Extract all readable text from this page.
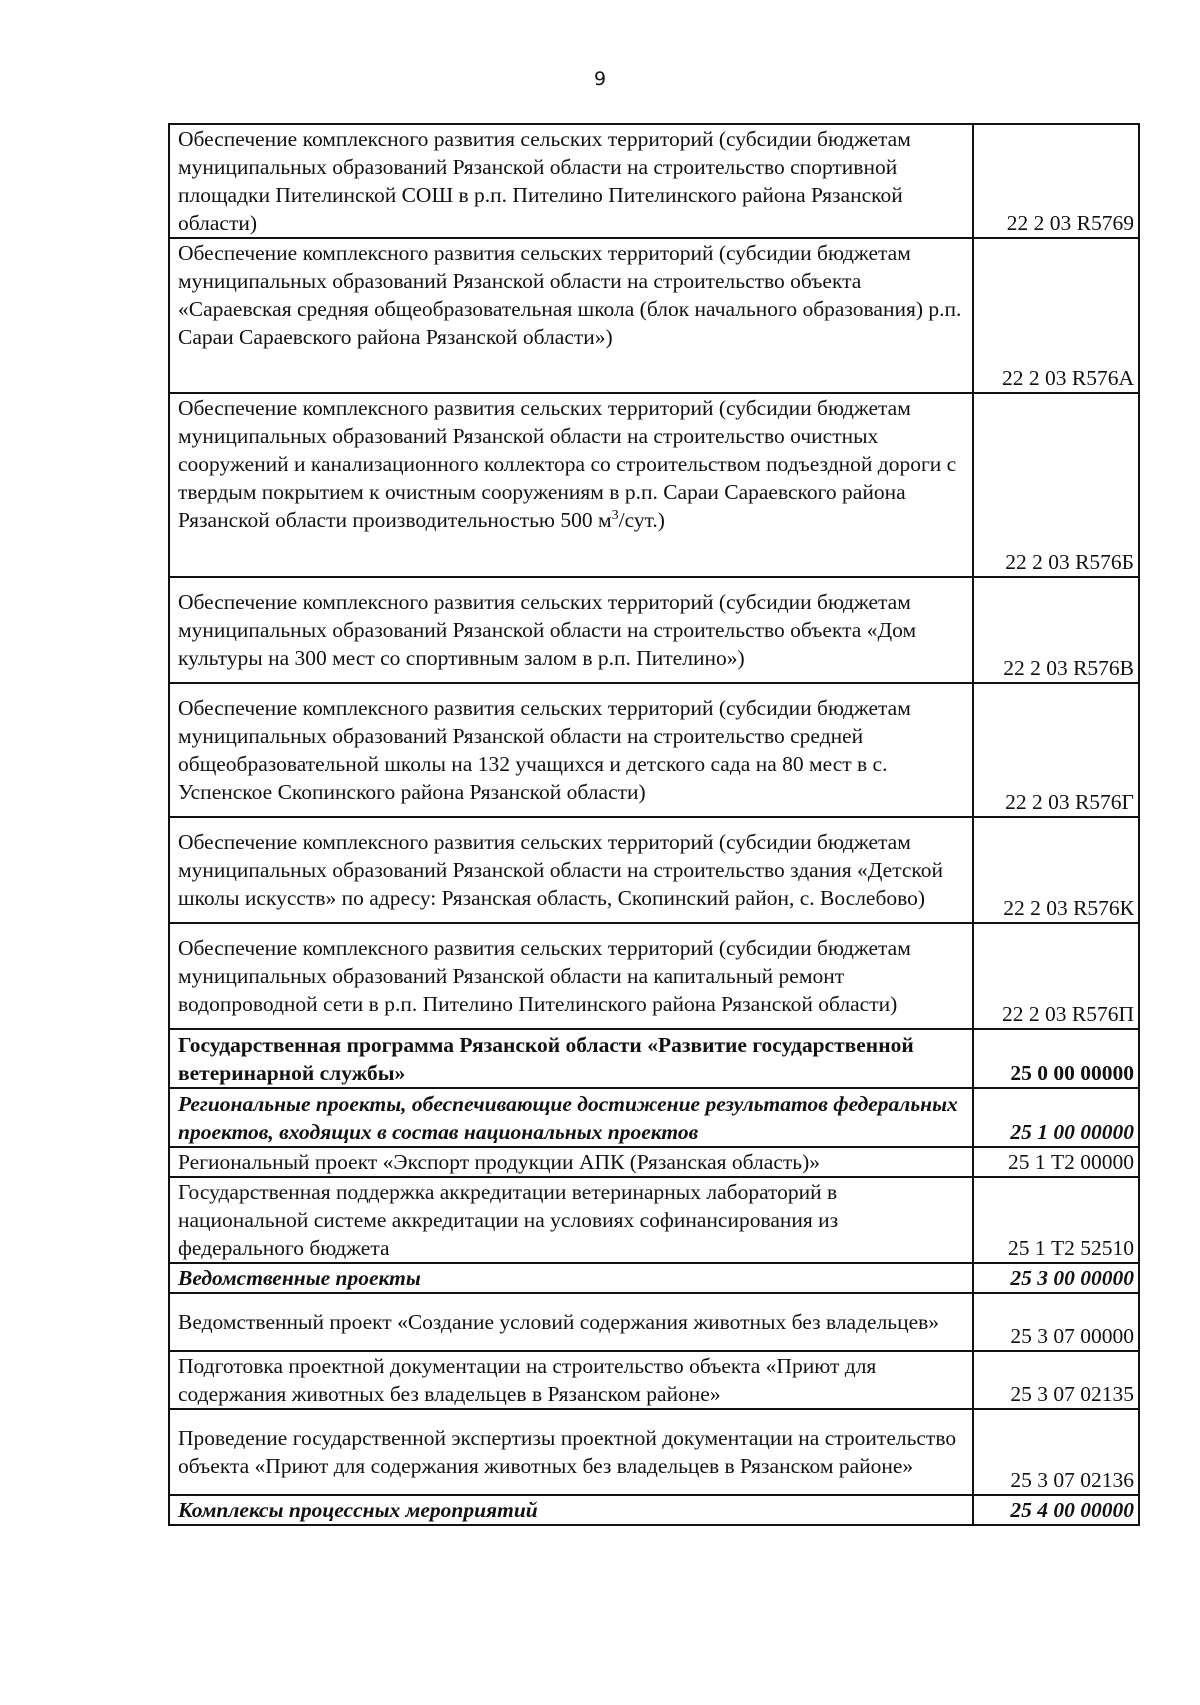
9
Обеспечение комплексного развития сельских территорий (субсидии бюджетам муниципальных образований Рязанской области на строительство спортивной площадки Пителинской СОШ в р.п. Пителино Пителинского района Рязанской области)	22 2 03 R5769
Обеспечение комплексного развития сельских территорий (субсидии бюджетам муниципальных образований Рязанской области на строительство объекта «Сараевская средняя общеобразовательная школа (блок начального образования) р.п. Сараи Сараевского района Рязанской области»)	22 2 03 R576А
Обеспечение комплексного развития сельских территорий (субсидии бюджетам муниципальных образований Рязанской области на строительство очистных сооружений и канализационного коллектора со строительством подъездной дороги с твердым покрытием к очистным сооружениям в р.п. Сараи Сараевского района Рязанской области производительностью 500 $м^3/сут$.)	22 2 03 R576Б
Обеспечение комплексного развития сельских территорий (субсидии бюджетам муниципальных образований Рязанской области на строительство объекта «Дом культуры на 300 мест со спортивным залом в р.п. Пителино»)	22 2 03 R576В
Обеспечение комплексного развития сельских территорий (субсидии бюджетам муниципальных образований Рязанской области на строительство средней общеобразовательной школы на 132 учащихся и детского сада на 80 мест в с. Успенское Скопинского района Рязанской области)	22 2 03 R576Г
Обеспечение комплексного развития сельских территорий (субсидии бюджетам муниципальных образований Рязанской области на строительство здания «Детской школы искусств» по адресу: Рязанская область, Скопинский район, с. Вослебово)	22 2 03 R576К
Обеспечение комплексного развития сельских территорий (субсидии бюджетам муниципальных образований Рязанской области на капитальный ремонт водопроводной сети в р.п. Пителино Пителинского района Рязанской области)	22 2 03 R576П
Государственная программа Рязанской области «Развитие государственной ветеринарной службы»	25 0 00 00000
Региональные проекты, обеспечивающие достижение результатов федеральных проектов, входящих в состав национальных проектов	25 1 00 00000
Региональный проект «Экспорт продукции АПК (Рязанская область)»	25 1 Т2 00000
Государственная поддержка аккредитации ветеринарных лабораторий в национальной системе аккредитации на условиях софинансирования из федерального бюджета	25 1 Т2 52510
Ведомственные проекты	25 3 00 00000
Ведомственный проект «Создание условий содержания животных без владельцев»	25 3 07 00000
Подготовка проектной документации на строительство объекта «Приют для содержания животных без владельцев в Рязанском районе»	25 3 07 02135
Проведение государственной экспертизы проектной документации на строительство объекта «Приют для содержания животных без владельцев в Рязанском районе»	25 3 07 02136
Комплексы процессных мероприятий	25 4 00 00000
